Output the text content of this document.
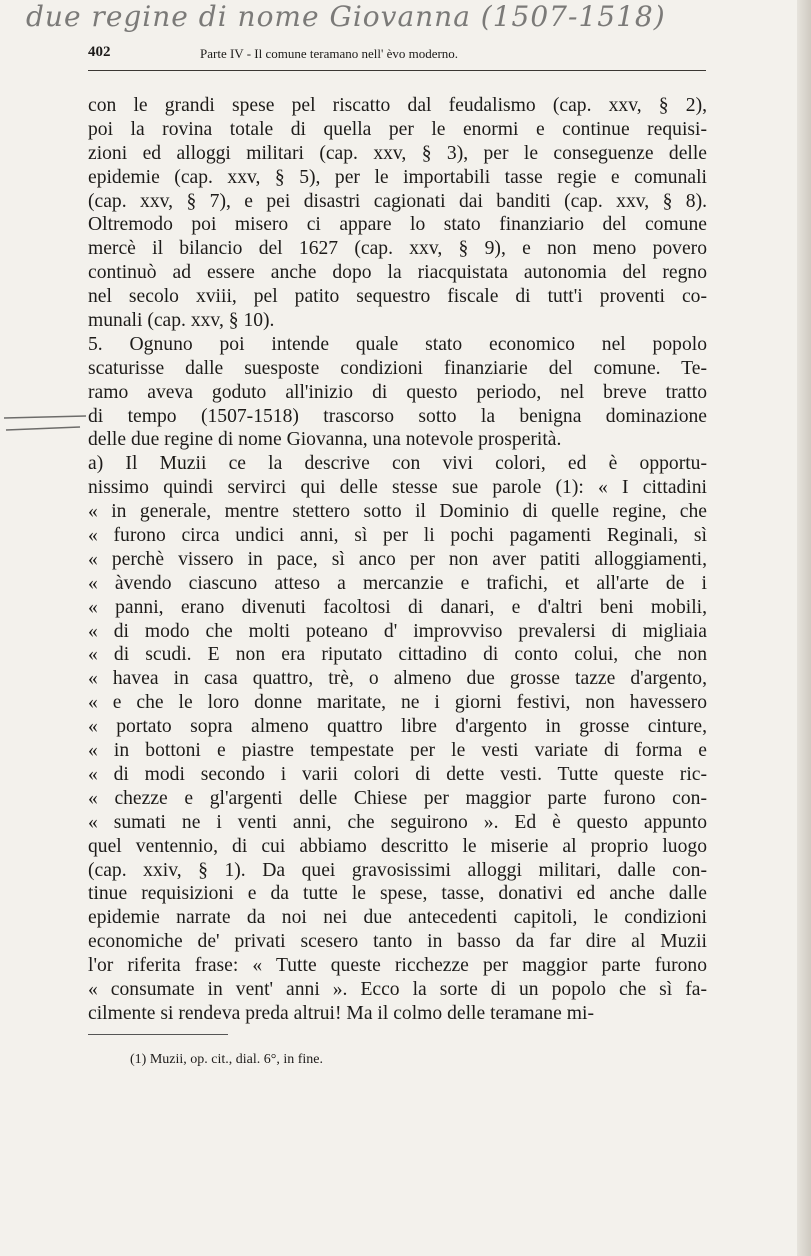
due regine di nome Giovanna (1507-1518)
402	Parte IV - Il comune teramano nell' èvo moderno.
con le grandi spese pel riscatto dal feudalismo (cap. xxv, § 2),
poi la rovina totale di quella per le enormi e continue requisi-
zioni ed alloggi militari (cap. xxv, § 3), per le conseguenze delle
epidemie (cap. xxv, § 5), per le importabili tasse regie e comunali
(cap. xxv, § 7), e pei disastri cagionati dai banditi (cap. xxv, § 8).
Oltremodo poi misero ci appare lo stato finanziario del comune
mercè il bilancio del 1627 (cap. xxv, § 9), e non meno povero
continuò ad essere anche dopo la riacquistata autonomia del regno
nel secolo xviii, pel patito sequestro fiscale di tutt'i proventi co-
munali (cap. xxv, § 10).
5. Ognuno poi intende quale stato economico nel popolo
scaturisse dalle suesposte condizioni finanziarie del comune. Te-
ramo aveva goduto all'inizio di questo periodo, nel breve tratto
di tempo (1507-1518) trascorso sotto la benigna dominazione
delle due regine di nome Giovanna, una notevole prosperità.
a) Il Muzii ce la descrive con vivi colori, ed è opportu-
nissimo quindi servirci qui delle stesse sue parole (1): « I cittadini
« in generale, mentre stettero sotto il Dominio di quelle regine, che
« furono circa undici anni, sì per li pochi pagamenti Reginali, sì
« perchè vissero in pace, sì anco per non aver patiti alloggiamenti,
« àvendo ciascuno atteso a mercanzie e trafichi, et all'arte de i
« panni, erano divenuti facoltosi di danari, e d'altri beni mobili,
« di modo che molti poteano d' improvviso prevalersi di migliaia
« di scudi. E non era riputato cittadino di conto colui, che non
« havea in casa quattro, trè, o almeno due grosse tazze d'argento,
« e che le loro donne maritate, ne i giorni festivi, non havessero
« portato sopra almeno quattro libre d'argento in grosse cinture,
« in bottoni e piastre tempestate per le vesti variate di forma e
« di modi secondo i varii colori di dette vesti. Tutte queste ric-
« chezze e gl'argenti delle Chiese per maggior parte furono con-
« sumati ne i venti anni, che seguirono ». Ed è questo appunto
quel ventennio, di cui abbiamo descritto le miserie al proprio luogo
(cap. xxiv, § 1). Da quei gravosissimi alloggi militari, dalle con-
tinue requisizioni e da tutte le spese, tasse, donativi ed anche dalle
epidemie narrate da noi nei due antecedenti capitoli, le condizioni
economiche de' privati scesero tanto in basso da far dire al Muzii
l'or riferita frase: « Tutte queste ricchezze per maggior parte furono
« consumate in vent' anni ». Ecco la sorte di un popolo che sì fa-
cilmente si rendeva preda altrui! Ma il colmo delle teramane mi-
(1) Muzii, op. cit., dial. 6°, in fine.
